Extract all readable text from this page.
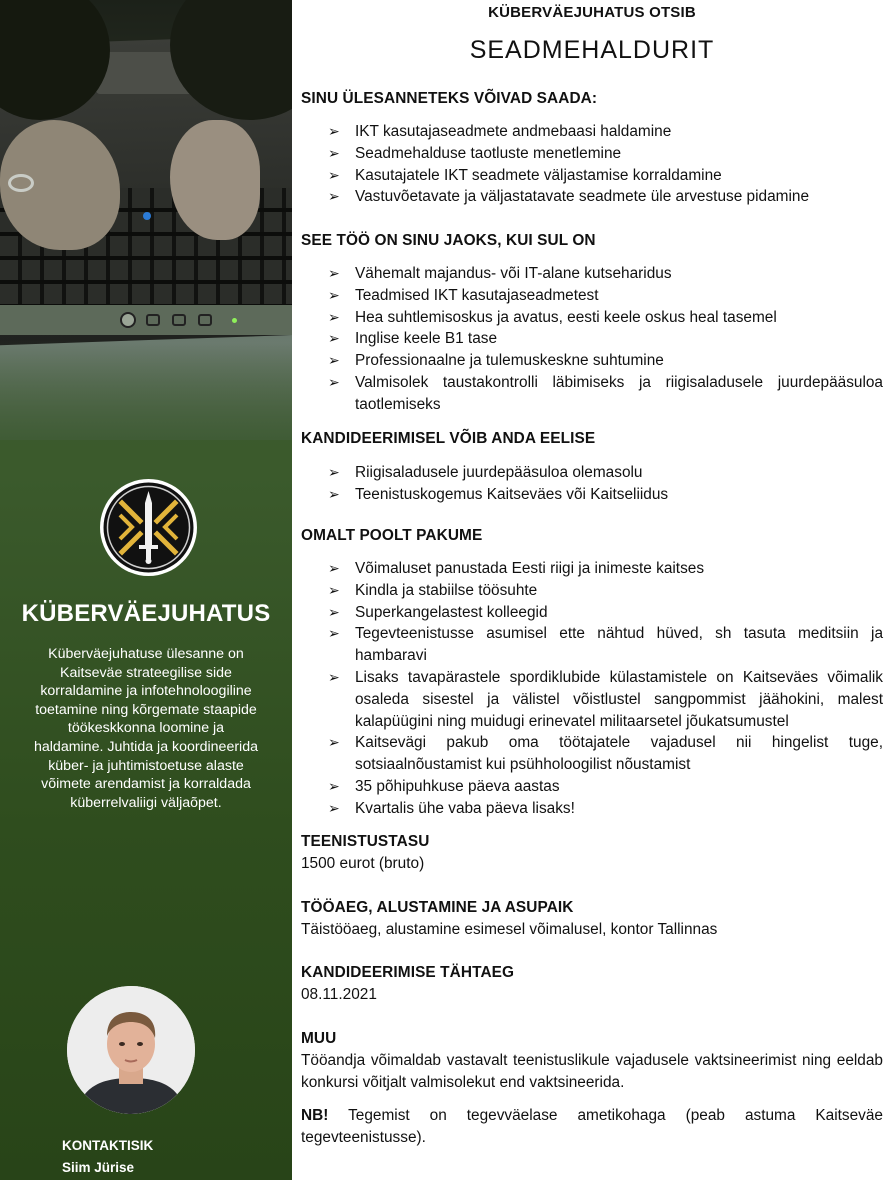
KÜBERVÄEJUHATUS
Küberväejuhatuse ülesanne on Kaitseväe strateegilise side korraldamine ja infotehnoloogiline toetamine ning kõrgemate staapide töökeskkonna loomine ja haldamine. Juhtida ja koordineerida küber- ja juhtimistoetuse alaste võimete arendamist ja korraldada küberrelvaliigi väljaõpet.
KONTAKTISIK
Siim Jürise
KÜBERVÄEJUHATUS OTSIB
SEADMEHALDURIT
SINU ÜLESANNETEKS VÕIVAD SAADA:
➢ IKT kasutajaseadmete andmebaasi haldamine
➢ Seadmehalduse taotluste menetlemine
➢ Kasutajatele IKT seadmete väljastamise korraldamine
➢ Vastuvõetavate ja väljastatavate seadmete üle arvestuse pidamine
SEE TÖÖ ON SINU JAOKS, KUI SUL ON
➢ Vähemalt majandus- või IT-alane kutseharidus
➢ Teadmised IKT kasutajaseadmetest
➢ Hea suhtlemisoskus ja avatus, eesti keele oskus heal tasemel
➢ Inglise keele B1 tase
➢ Professionaalne ja tulemuskeskne suhtumine
➢ Valmisolek taustakontrolli läbimiseks ja riigisaladusele juurdepääsuloa taotlemiseks
KANDIDEERIMISEL VÕIB ANDA EELISE
➢ Riigisaladusele juurdepääsuloa olemasolu
➢ Teenistuskogemus Kaitseväes või Kaitseliidus
OMALT POOLT PAKUME
➢ Võimaluset panustada Eesti riigi ja inimeste kaitses
➢ Kindla ja stabiilse töösuhte
➢ Superkangelastest kolleegid
➢ Tegevteenistusse asumisel ette nähtud hüved, sh tasuta meditsiin ja hambaravi
➢ Lisaks tavapärastele spordiklubide külastamistele on Kaitseväes võimalik osaleda sisestel ja välistel võistlustel sangpommist jäähokini, malest kalapüügini ning muidugi erinevatel militaarsetel jõukatsumustel
➢ Kaitsevägi pakub oma töötajatele vajadusel nii hingelist tuge, sotsiaalnõustamist kui psühholoogilist nõustamist
➢ 35 põhipuhkuse päeva aastas
➢ Kvartalis ühe vaba päeva lisaks!
TEENISTUSTASU
1500 eurot (bruto)
TÖÖAEG, ALUSTAMINE JA ASUPAIK
Täistööaeg, alustamine esimesel võimalusel, kontor Tallinnas
KANDIDEERIMISE TÄHTAEG
08.11.2021
MUU
Tööandja võimaldab vastavalt teenistuslikule vajadusele vaktsineerimist ning eeldab konkursi võitjalt valmisolekut end vaktsineerida.
NB! Tegemist on tegevväelase ametikohaga (peab astuma Kaitseväe tegevteenistusse).
